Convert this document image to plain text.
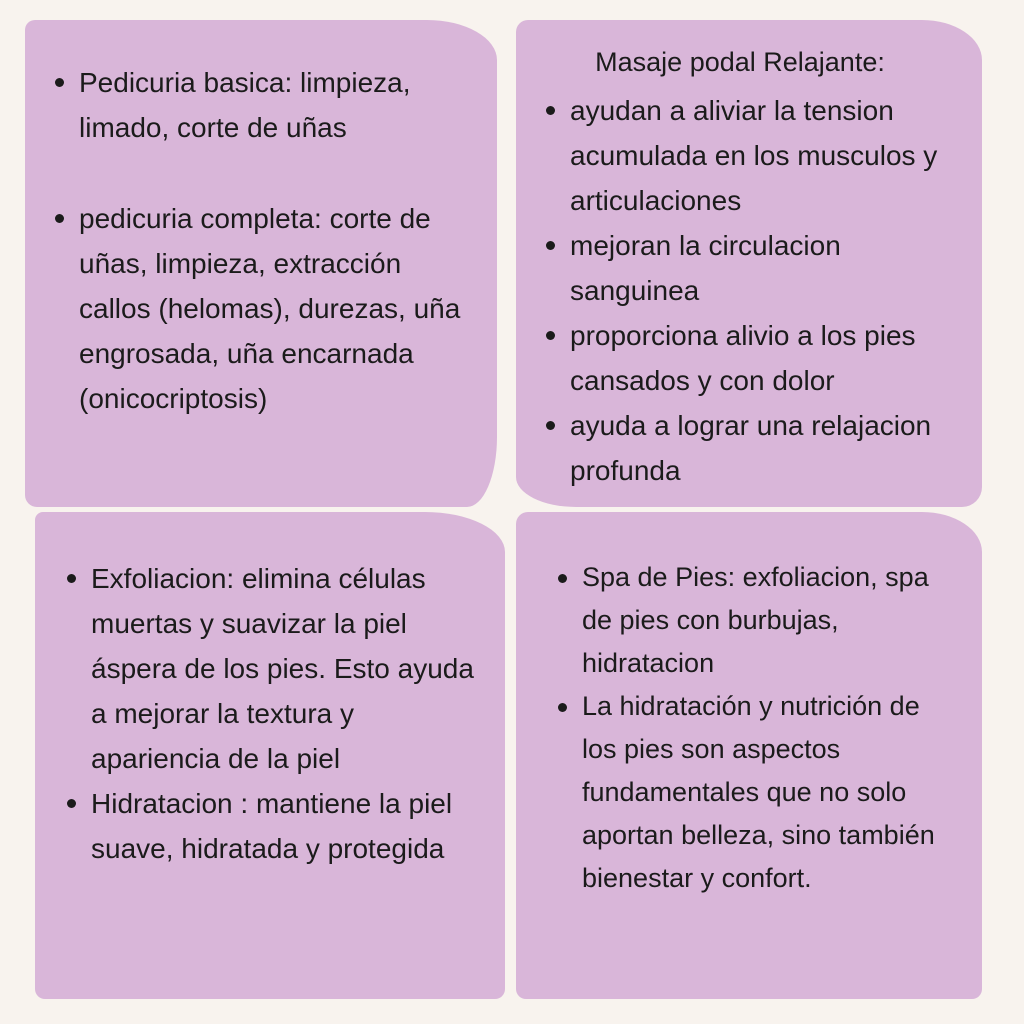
Pedicuria basica: limpieza, limado, corte de uñas
pedicuria completa: corte de uñas, limpieza, extracción callos (helomas), durezas, uña engrosada, uña encarnada (onicocriptosis)
Masaje podal Relajante:
ayudan a aliviar la tension acumulada en los musculos y articulaciones
mejoran la circulacion sanguinea
proporciona alivio a los pies cansados y con dolor
ayuda a lograr una relajacion profunda
Exfoliacion: elimina células muertas y suavizar la piel áspera de los pies. Esto ayuda a mejorar la textura y apariencia de la piel
Hidratacion : mantiene la piel suave, hidratada y protegida
Spa de Pies: exfoliacion, spa de pies con burbujas, hidratacion
La hidratación y nutrición de los pies son aspectos fundamentales que no solo aportan belleza, sino también bienestar y confort.
